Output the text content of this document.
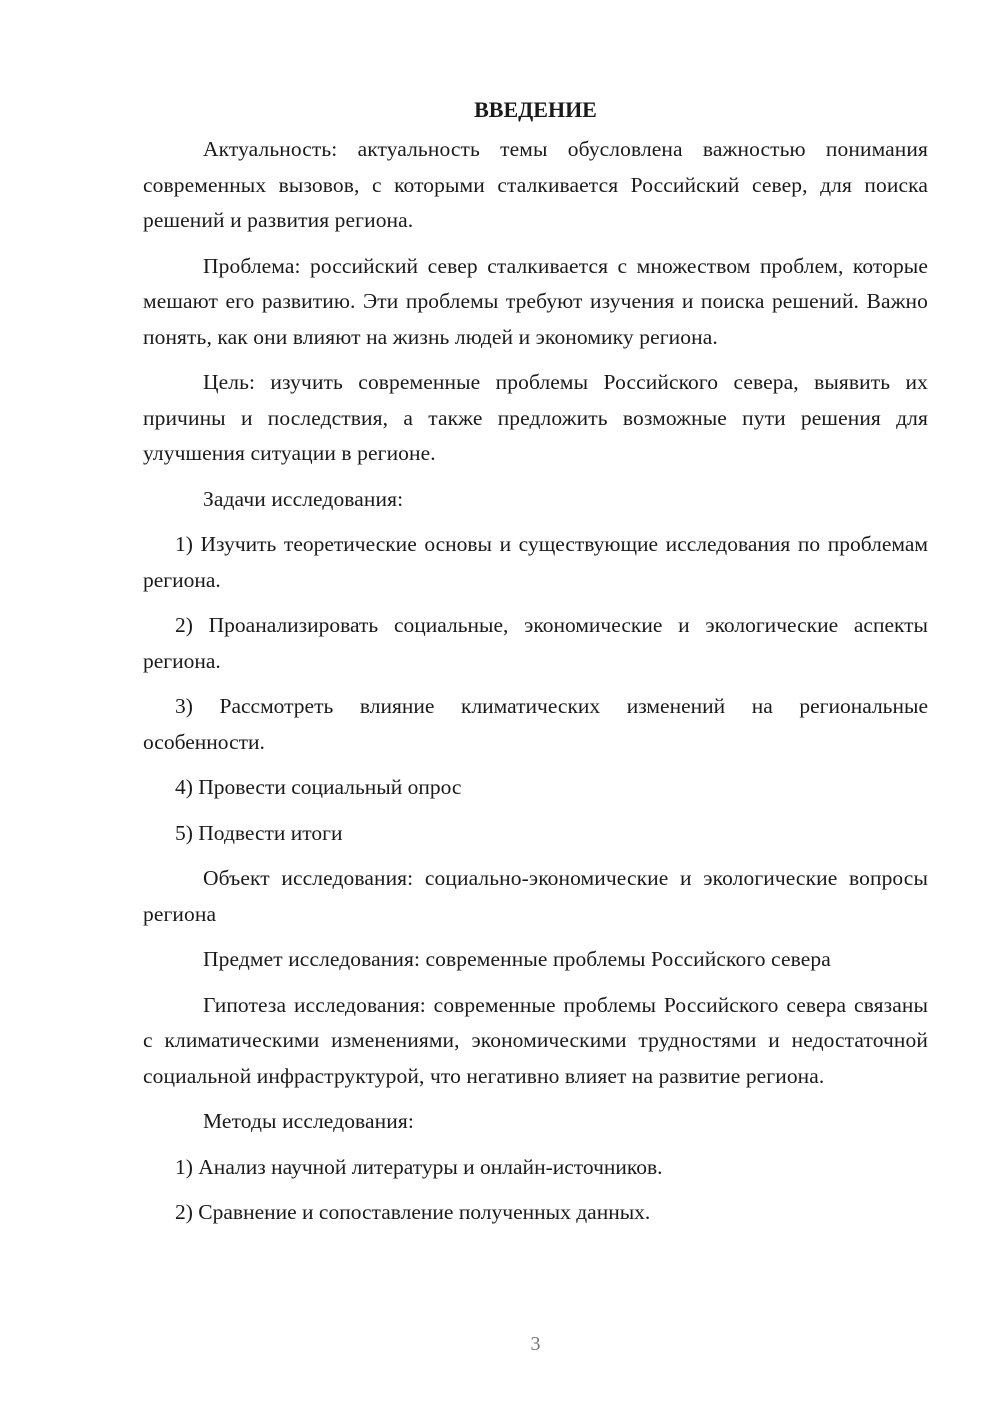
ВВЕДЕНИЕ

Актуальность: актуальность темы обусловлена важностью понимания современных вызовов, с которыми сталкивается Российский север, для поиска решений и развития региона.

Проблема: российский север сталкивается с множеством проблем, которые мешают его развитию. Эти проблемы требуют изучения и поиска решений. Важно понять, как они влияют на жизнь людей и экономику региона.

Цель: изучить современные проблемы Российского севера, выявить их причины и последствия, а также предложить возможные пути решения для улучшения ситуации в регионе.

Задачи исследования:

1) Изучить теоретические основы и существующие исследования по проблемам региона.

2) Проанализировать социальные, экономические и экологические аспекты региона.

3) Рассмотреть влияние климатических изменений на региональные особенности.

4) Провести социальный опрос

5) Подвести итоги

Объект исследования: социально-экономические и экологические вопросы региона

Предмет исследования: современные проблемы Российского севера

Гипотеза исследования: современные проблемы Российского севера связаны с климатическими изменениями, экономическими трудностями и недостаточной социальной инфраструктурой, что негативно влияет на развитие региона.

Методы исследования:

1) Анализ научной литературы и онлайн-источников.

2) Сравнение и сопоставление полученных данных.

3
